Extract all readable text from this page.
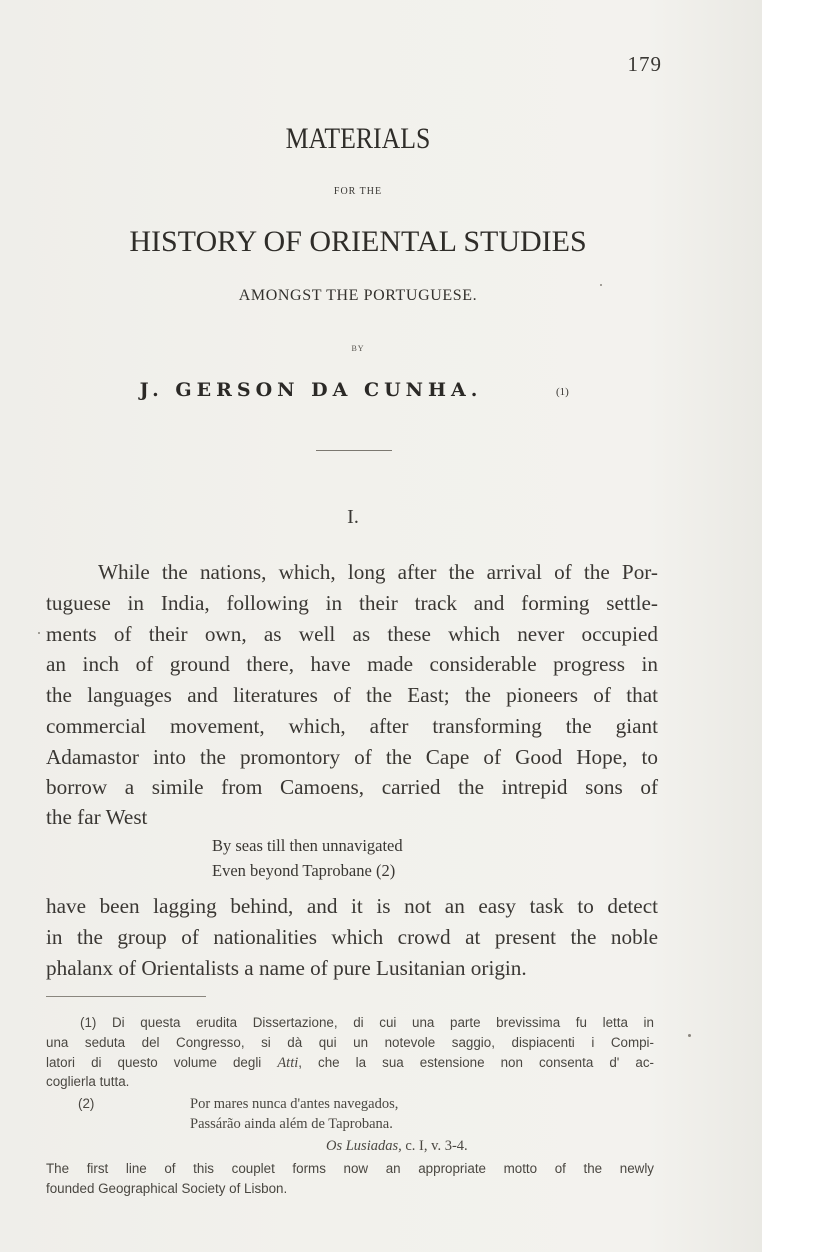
179
MATERIALS
FOR THE
HISTORY OF ORIENTAL STUDIES
AMONGST THE PORTUGUESE.
BY
J. GERSON DA CUNHA.	(1)
I.
While the nations, which, long after the arrival of the Por-
tuguese in India, following in their track and forming settle-
ments of their own, as well as these which never occupied
an inch of ground there, have made considerable progress in
the languages and literatures of the East; the pioneers of that
commercial movement, which, after transforming the giant
Adamastor into the promontory of the Cape of Good Hope, to
borrow a simile from Camoens, carried the intrepid sons of
the far West
By seas till then unnavigated
Even beyond Taprobane (2)
have been lagging behind, and it is not an easy task to detect
in the group of nationalities which crowd at present the noble
phalanx of Orientalists a name of pure Lusitanian origin.
(1) Di questa erudita Dissertazione, di cui una parte brevissima fu letta in
una seduta del Congresso, si dà qui un notevole saggio, dispiacenti i Compi-
latori di questo volume degli Atti, che la sua estensione non consenta d' ac-
coglierla tutta.
(2)	Por mares nunca d'antes navegados,
Passárão ainda além de Taprobana.
Os Lusiadas, c. I, v. 3-4.
The first line of this couplet forms now an appropriate motto of the newly
founded Geographical Society of Lisbon.
